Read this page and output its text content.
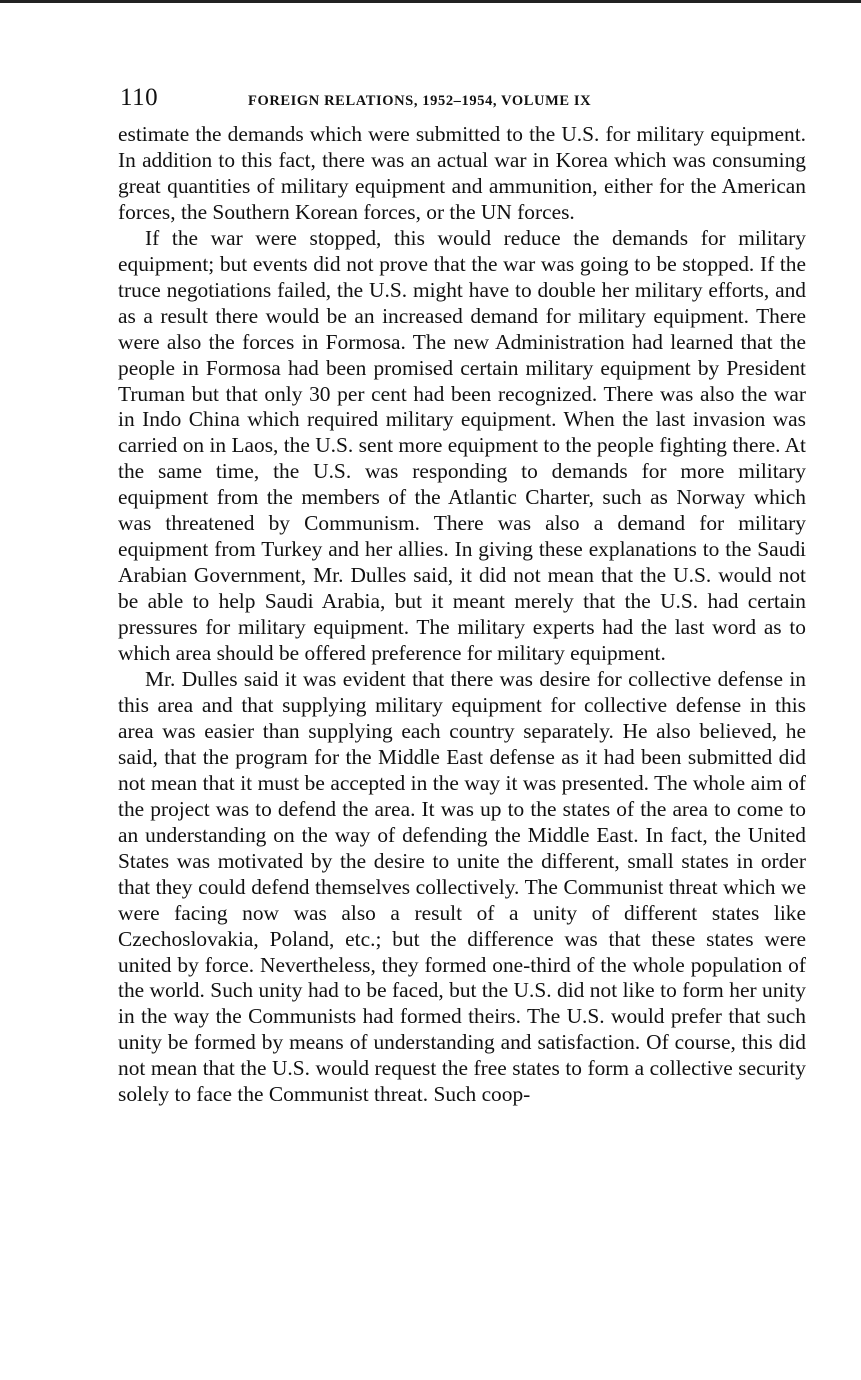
110	FOREIGN RELATIONS, 1952–1954, VOLUME IX

estimate the demands which were submitted to the U.S. for military equipment. In addition to this fact, there was an actual war in Korea which was consuming great quantities of military equipment and ammunition, either for the American forces, the Southern Korean forces, or the UN forces.

If the war were stopped, this would reduce the demands for military equipment; but events did not prove that the war was going to be stopped. If the truce negotiations failed, the U.S. might have to double her military efforts, and as a result there would be an increased demand for military equipment. There were also the forces in Formosa. The new Administration had learned that the people in Formosa had been promised certain military equipment by President Truman but that only 30 per cent had been recognized. There was also the war in Indo China which required military equipment. When the last invasion was carried on in Laos, the U.S. sent more equipment to the people fighting there. At the same time, the U.S. was responding to demands for more military equipment from the members of the Atlantic Charter, such as Norway which was threatened by Communism. There was also a demand for military equipment from Turkey and her allies. In giving these explanations to the Saudi Arabian Government, Mr. Dulles said, it did not mean that the U.S. would not be able to help Saudi Arabia, but it meant merely that the U.S. had certain pressures for military equipment. The military experts had the last word as to which area should be offered preference for military equipment.

Mr. Dulles said it was evident that there was desire for collective defense in this area and that supplying military equipment for collective defense in this area was easier than supplying each country separately. He also believed, he said, that the program for the Middle East defense as it had been submitted did not mean that it must be accepted in the way it was presented. The whole aim of the project was to defend the area. It was up to the states of the area to come to an understanding on the way of defending the Middle East. In fact, the United States was motivated by the desire to unite the different, small states in order that they could defend themselves collectively. The Communist threat which we were facing now was also a result of a unity of different states like Czechoslovakia, Poland, etc.; but the difference was that these states were united by force. Nevertheless, they formed one-third of the whole population of the world. Such unity had to be faced, but the U.S. did not like to form her unity in the way the Communists had formed theirs. The U.S. would prefer that such unity be formed by means of understanding and satisfaction. Of course, this did not mean that the U.S. would request the free states to form a collective security solely to face the Communist threat. Such coop-
